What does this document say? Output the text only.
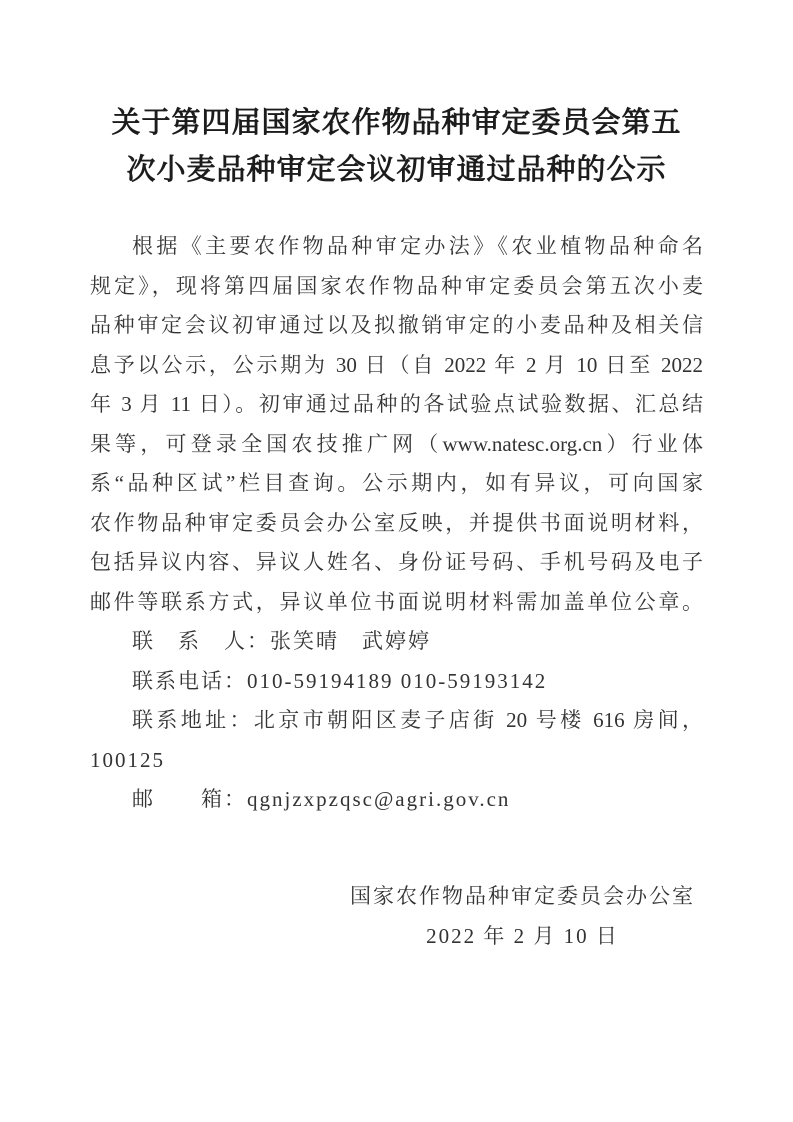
关于第四届国家农作物品种审定委员会第五
次小麦品种审定会议初审通过品种的公示
根据《主要农作物品种审定办法》《农业植物品种命名
规定》，现将第四届国家农作物品种审定委员会第五次小麦
品种审定会议初审通过以及拟撤销审定的小麦品种及相关信
息予以公示，公示期为 30 日（自 2022 年 2 月 10 日至 2022
年 3 月 11 日）。初审通过品种的各试验点试验数据、汇总结
果等，可登录全国农技推广网（www.natesc.org.cn）行业体
系“品种区试”栏目查询。公示期内，如有异议，可向国家
农作物品种审定委员会办公室反映，并提供书面说明材料，
包括异议内容、异议人姓名、身份证号码、手机号码及电子
邮件等联系方式，异议单位书面说明材料需加盖单位公章。
联　系　人：张笑晴　武婷婷
联系电话：010-59194189 010-59193142
联系地址：北京市朝阳区麦子店街 20 号楼 616 房间，
100125
邮　　箱：qgnjzxpzqsc@agri.gov.cn
国家农作物品种审定委员会办公室
2022 年 2 月 10 日
